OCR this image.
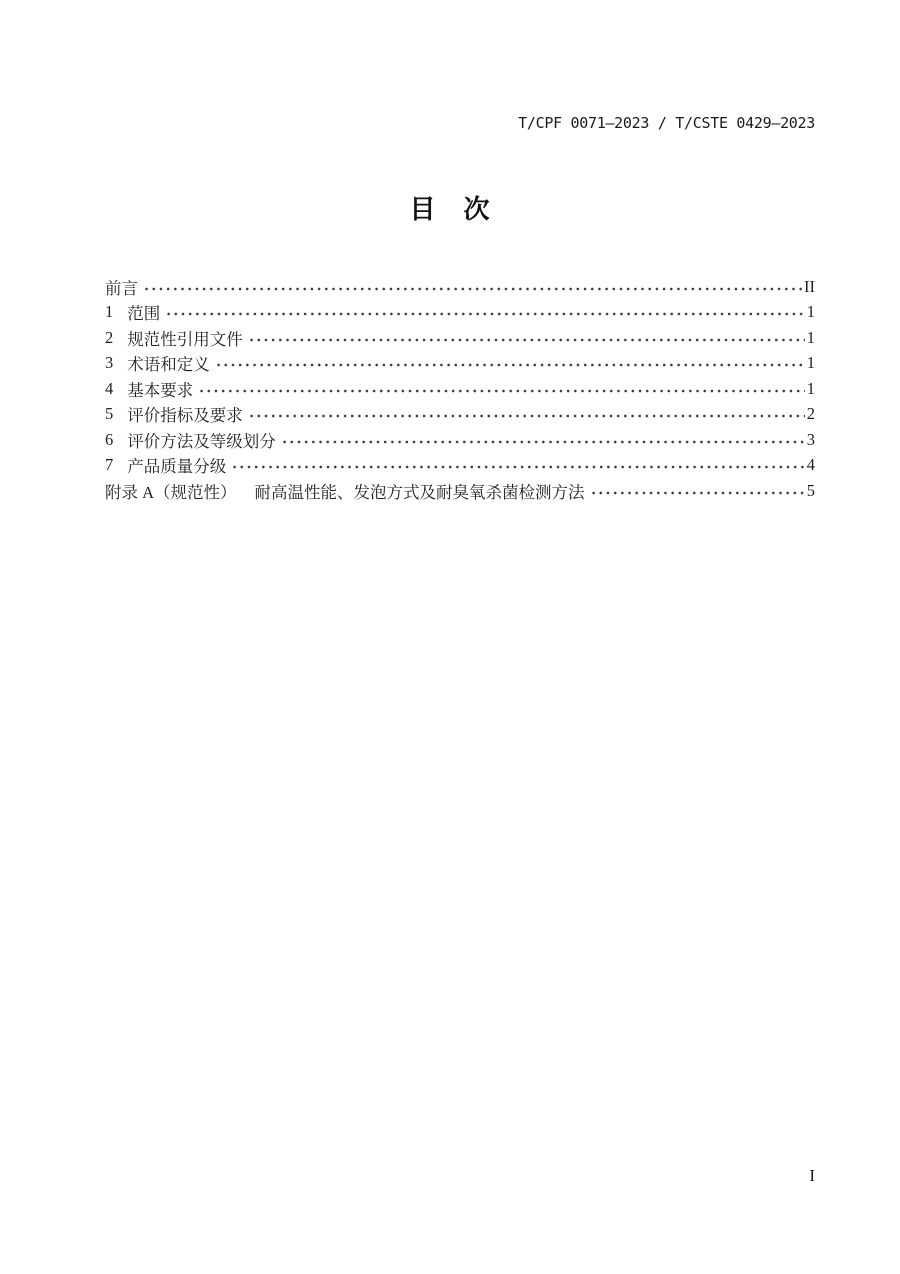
T/CPF 0071—2023 / T/CSTE 0429—2023
目　次
前言	II
1 范围	1
2 规范性引用文件	1
3 术语和定义	1
4 基本要求	1
5 评价指标及要求	2
6 评价方法及等级划分	3
7 产品质量分级	4
附录 A（规范性） 耐高温性能、发泡方式及耐臭氧杀菌检测方法	5
I
